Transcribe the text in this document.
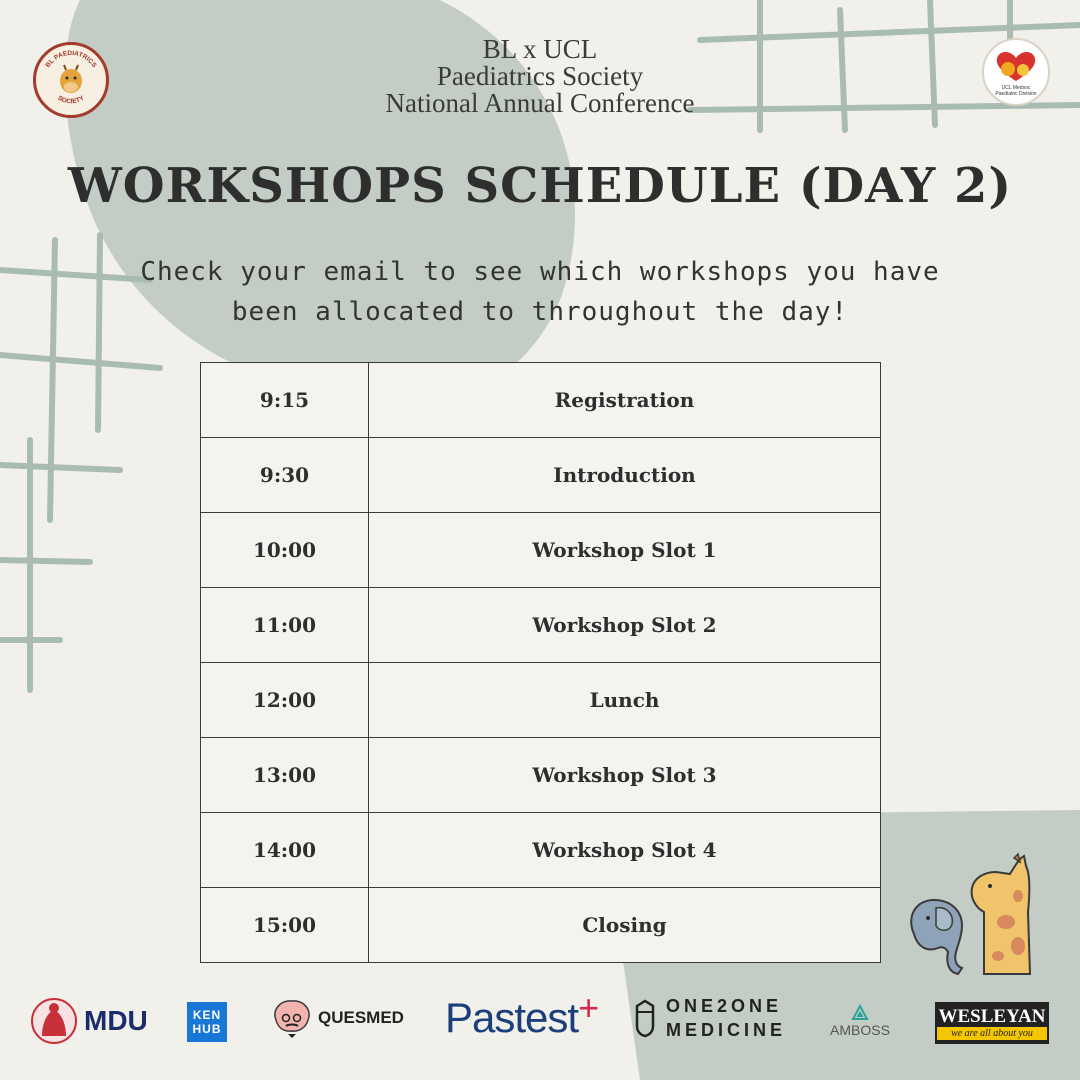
BL PAEDIATRICS
SOCIETY
BL x UCL
Paediatrics Society
National Annual Conference	UCL Medsoc Paediatric Division
WORKSHOPS SCHEDULE (DAY 2)
Check your email to see which workshops you have
been allocated to throughout the day!
9:15	Registration
9:30	Introduction
10:00	Workshop Slot 1
11:00	Workshop Slot 2
12:00	Lunch
13:00	Workshop Slot 3
14:00	Workshop Slot 4
15:00	Closing
MDU	KEN
HUB
QUESMED Pastest +	ONE2ONE
MEDICINE	AMBOSS
WESLEYAN
we are all about you
